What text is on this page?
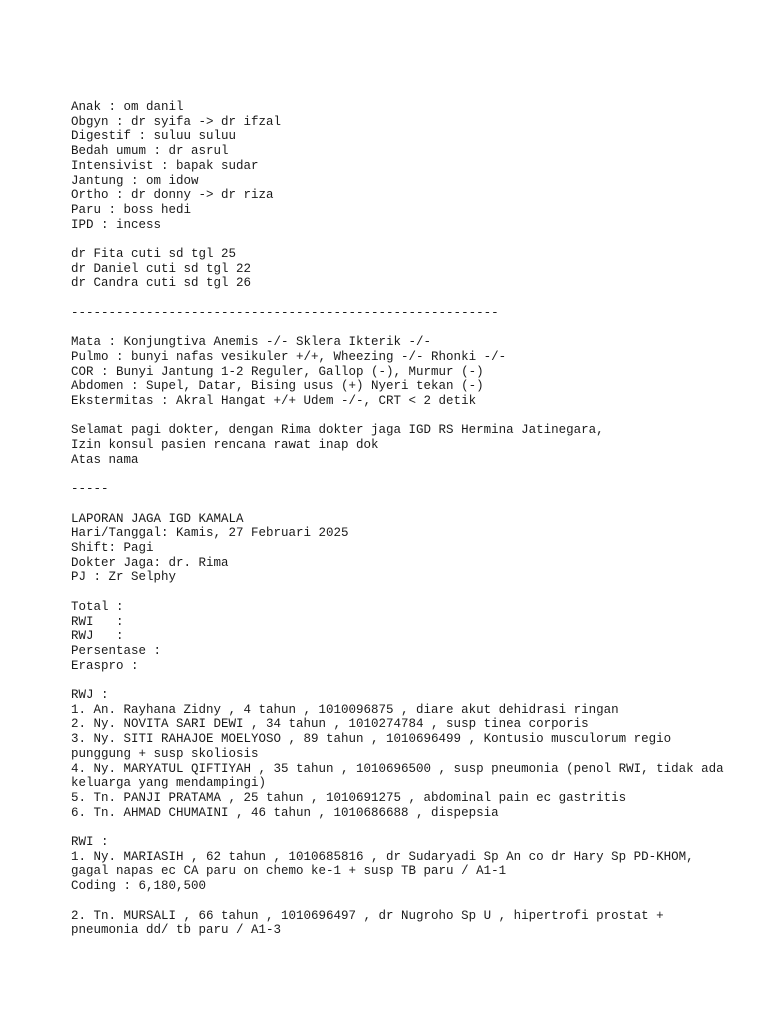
Anak : om danil
Obgyn : dr syifa -> dr ifzal
Digestif : suluu suluu
Bedah umum : dr asrul
Intensivist : bapak sudar
Jantung : om idow
Ortho : dr donny -> dr riza
Paru : boss hedi
IPD : incess
dr Fita cuti sd tgl 25
dr Daniel cuti sd tgl 22
dr Candra cuti sd tgl 26
---------------------------------------------------------
Mata : Konjungtiva Anemis -/- Sklera Ikterik -/-
Pulmo : bunyi nafas vesikuler +/+, Wheezing -/- Rhonki -/-
COR : Bunyi Jantung 1-2 Reguler, Gallop (-), Murmur (-)
Abdomen : Supel, Datar, Bising usus (+) Nyeri tekan (-)
Ekstermitas : Akral Hangat +/+ Udem -/-, CRT < 2 detik
Selamat pagi dokter, dengan Rima dokter jaga IGD RS Hermina Jatinegara,
Izin konsul pasien rencana rawat inap dok
Atas nama
-----
LAPORAN JAGA IGD KAMALA
Hari/Tanggal: Kamis, 27 Februari 2025
Shift: Pagi
Dokter Jaga: dr. Rima
PJ : Zr Selphy
Total :
RWI   :
RWJ   :
Persentase :
Eraspro :
RWJ :
1. An. Rayhana Zidny , 4 tahun , 1010096875 , diare akut dehidrasi ringan
2. Ny. NOVITA SARI DEWI , 34 tahun , 1010274784 , susp tinea corporis
3. Ny. SITI RAHAJOE MOELYOSO , 89 tahun , 1010696499 , Kontusio musculorum regio punggung + susp skoliosis
4. Ny. MARYATUL QIFTIYAH , 35 tahun , 1010696500 , susp pneumonia (penol RWI, tidak ada keluarga yang mendampingi)
5. Tn. PANJI PRATAMA , 25 tahun , 1010691275 , abdominal pain ec gastritis
6. Tn. AHMAD CHUMAINI , 46 tahun , 1010686688 , dispepsia
RWI :
1. Ny. MARIASIH , 62 tahun , 1010685816 , dr Sudaryadi Sp An co dr Hary Sp PD-KHOM, gagal napas ec CA paru on chemo ke-1 + susp TB paru / A1-1
Coding : 6,180,500
2. Tn. MURSALI , 66 tahun , 1010696497 , dr Nugroho Sp U , hipertrofi prostat + pneumonia dd/ tb paru / A1-3
